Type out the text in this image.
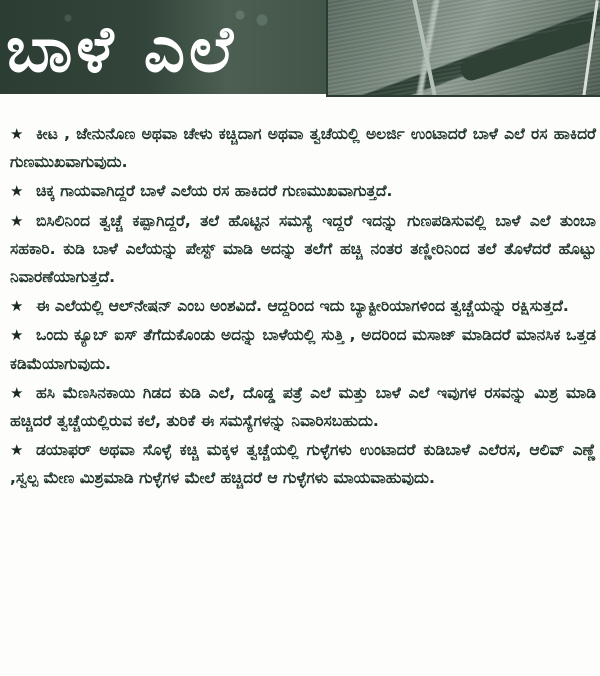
ಬಾಳೆ ಎಲೆ

★ ಕೀಟ , ಜೇನುನೊಣ ಅಥವಾ ಚೇಳು ಕಚ್ಚಿದಾಗ ಅಥವಾ ತ್ವಚೆಯಲ್ಲಿ ಅಲರ್ಜಿ ಉಂಟಾದರೆ ಬಾಳೆ ಎಲೆ ರಸ ಹಾಕಿದರೆ ಗುಣಮುಖವಾಗುವುದು.

★ ಚಿಕ್ಕ ಗಾಯವಾಗಿದ್ದರೆ ಬಾಳೆ ಎಲೆಯ ರಸ ಹಾಕಿದರೆ ಗುಣಮುಖವಾಗುತ್ತದೆ.

★ ಬಿಸಿಲಿನಿಂದ ತ್ವಚ್ಚೆ ಕಪ್ಪಾಗಿದ್ದರೆ, ತಲೆ ಹೊಟ್ಟಿನ ಸಮಸ್ಯೆ ಇದ್ದರೆ ಇದನ್ನು ಗುಣಪಡಿಸುವಲ್ಲಿ ಬಾಳೆ ಎಲೆ ತುಂಬಾ ಸಹಕಾರಿ. ಕುಡಿ ಬಾಳೆ ಎಲೆಯನ್ನು ಪೇಸ್ಟ್ ಮಾಡಿ ಅದನ್ನು ತಲೆಗೆ ಹಚ್ಚಿ ನಂತರ ತಣ್ಣೀರಿನಿಂದ ತಲೆ ತೊಳೆದರೆ ಹೊಟ್ಟು ನಿವಾರಣೆಯಾಗುತ್ತದೆ.

★ ಈ ಎಲೆಯಲ್ಲಿ ಆಲ್‌ನೇಷನ್ ಎಂಬ ಅಂಶವಿದೆ. ಆದ್ದರಿಂದ ಇದು ಬ್ಯಾಕ್ಟೀರಿಯಾಗಳಿಂದ ತ್ವಚ್ಚೆಯನ್ನು ರಕ್ಷಿಸುತ್ತದೆ.

★ ಒಂದು ಕ್ಯೂಬ್ ಐಸ್ ತೆಗೆದುಕೊಂಡು ಅದನ್ನು ಬಾಳೆಯಲ್ಲಿ ಸುತ್ತಿ , ಅದರಿಂದ ಮಸಾಜ್ ಮಾಡಿದರೆ ಮಾನಸಿಕ ಒತ್ತಡ ಕಡಿಮೆಯಾಗುವುದು.

★ ಹಸಿ ಮೆಣಸಿನಕಾಯಿ ಗಿಡದ ಕುಡಿ ಎಲೆ, ದೊಡ್ಡ ಪತ್ರೆ ಎಲೆ ಮತ್ತು ಬಾಳೆ ಎಲೆ ಇವುಗಳ ರಸವನ್ನು ಮಿಶ್ರ ಮಾಡಿ ಹಚ್ಚಿದರೆ ತ್ವಚ್ಚೆಯಲ್ಲಿರುವ ಕಲೆ, ತುರಿಕೆ ಈ ಸಮಸ್ಯೆಗಳನ್ನು ನಿವಾರಿಸಬಹುದು.

★ ಡಯಾಫರ್ ಅಥವಾ ಸೊಳ್ಳೆ ಕಚ್ಚಿ ಮಕ್ಕಳ ತ್ವಚ್ಚೆಯಲ್ಲಿ ಗುಳ್ಳೆಗಳು ಉಂಟಾದರೆ ಕುಡಿಬಾಳೆ ಎಲೆರಸ, ಆಲಿವ್ ಎಣ್ಣೆ ,ಸ್ವಲ್ಪ ಮೇಣ ಮಿಶ್ರಮಾಡಿ ಗುಳ್ಳೆಗಳ ಮೇಲೆ ಹಚ್ಚಿದರೆ ಆ ಗುಳ್ಳೆಗಳು ಮಾಯವಾಹುವುದು.
